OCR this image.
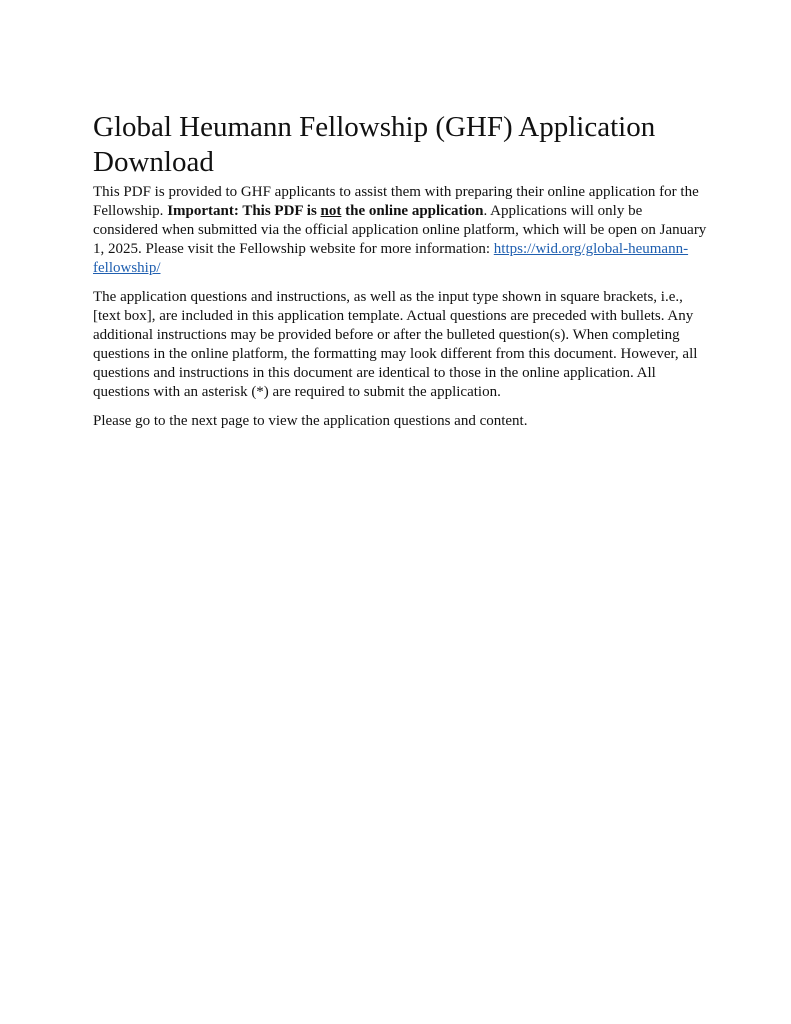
Global Heumann Fellowship (GHF) Application Download

This PDF is provided to GHF applicants to assist them with preparing their online application for the Fellowship. Important: This PDF is not the online application. Applications will only be considered when submitted via the official application online platform, which will be open on January 1, 2025. Please visit the Fellowship website for more information: https://wid.org/global-heumann-fellowship/

The application questions and instructions, as well as the input type shown in square brackets, i.e., [text box], are included in this application template. Actual questions are preceded with bullets. Any additional instructions may be provided before or after the bulleted question(s). When completing questions in the online platform, the formatting may look different from this document. However, all questions and instructions in this document are identical to those in the online application. All questions with an asterisk (*) are required to submit the application.

Please go to the next page to view the application questions and content.
